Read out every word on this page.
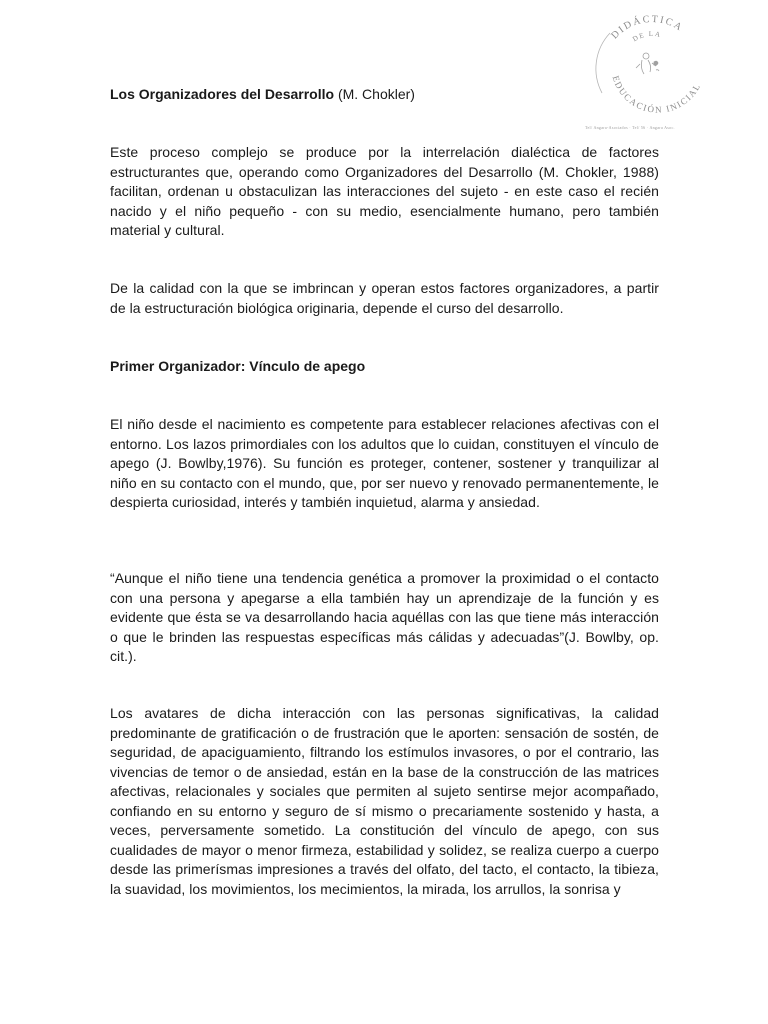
DIDÁCTICA
DE LA
EDUCACIÓN INICIAL
Tel/ Angara-Asociados · Tel/ 56 · Angara Asoc.
Los Organizadores del Desarrollo (M. Chokler)

Este proceso complejo se produce por la interrelación dialéctica de factores estructurantes que, operando como Organizadores del Desarrollo (M. Chokler, 1988) facilitan, ordenan u obstaculizan las interacciones del sujeto - en este caso el recién nacido y el niño pequeño - con su medio, esencialmente humano, pero también material y cultural.

De la calidad con la que se imbrincan y operan estos factores organizadores, a partir de la estructuración biológica originaria, depende el curso del desarrollo.

Primer Organizador: Vínculo de apego

El niño desde el nacimiento es competente para establecer relaciones afectivas con el entorno. Los lazos primordiales con los adultos que lo cuidan, constituyen el vínculo de apego (J. Bowlby,1976). Su función es proteger, contener, sostener y tranquilizar al niño en su contacto con el mundo, que, por ser nuevo y renovado permanentemente, le despierta curiosidad, interés y también inquietud, alarma y ansiedad.

“Aunque el niño tiene una tendencia genética a promover la proximidad o el contacto con una persona y apegarse a ella también hay un aprendizaje de la función y es evidente que ésta se va desarrollando hacia aquéllas con las que tiene más interacción o que le brinden las respuestas específicas más cálidas y adecuadas”(J. Bowlby, op. cit.).

Los avatares de dicha interacción con las personas significativas, la calidad predominante de gratificación o de frustración que le aporten: sensación de sostén, de seguridad, de apaciguamiento, filtrando los estímulos invasores, o por el contrario, las vivencias de temor o de ansiedad, están en la base de la construcción de las matrices afectivas, relacionales y sociales que permiten al sujeto sentirse mejor acompañado, confiando en su entorno y seguro de sí mismo o precariamente sostenido y hasta, a veces, perversamente sometido. La constitución del vínculo de apego, con sus cualidades de mayor o menor firmeza, estabilidad y solidez, se realiza cuerpo a cuerpo desde las primerísmas impresiones a través del olfato, del tacto, el contacto, la tibieza, la suavidad, los movimientos, los mecimientos, la mirada, los arrullos, la sonrisa y
